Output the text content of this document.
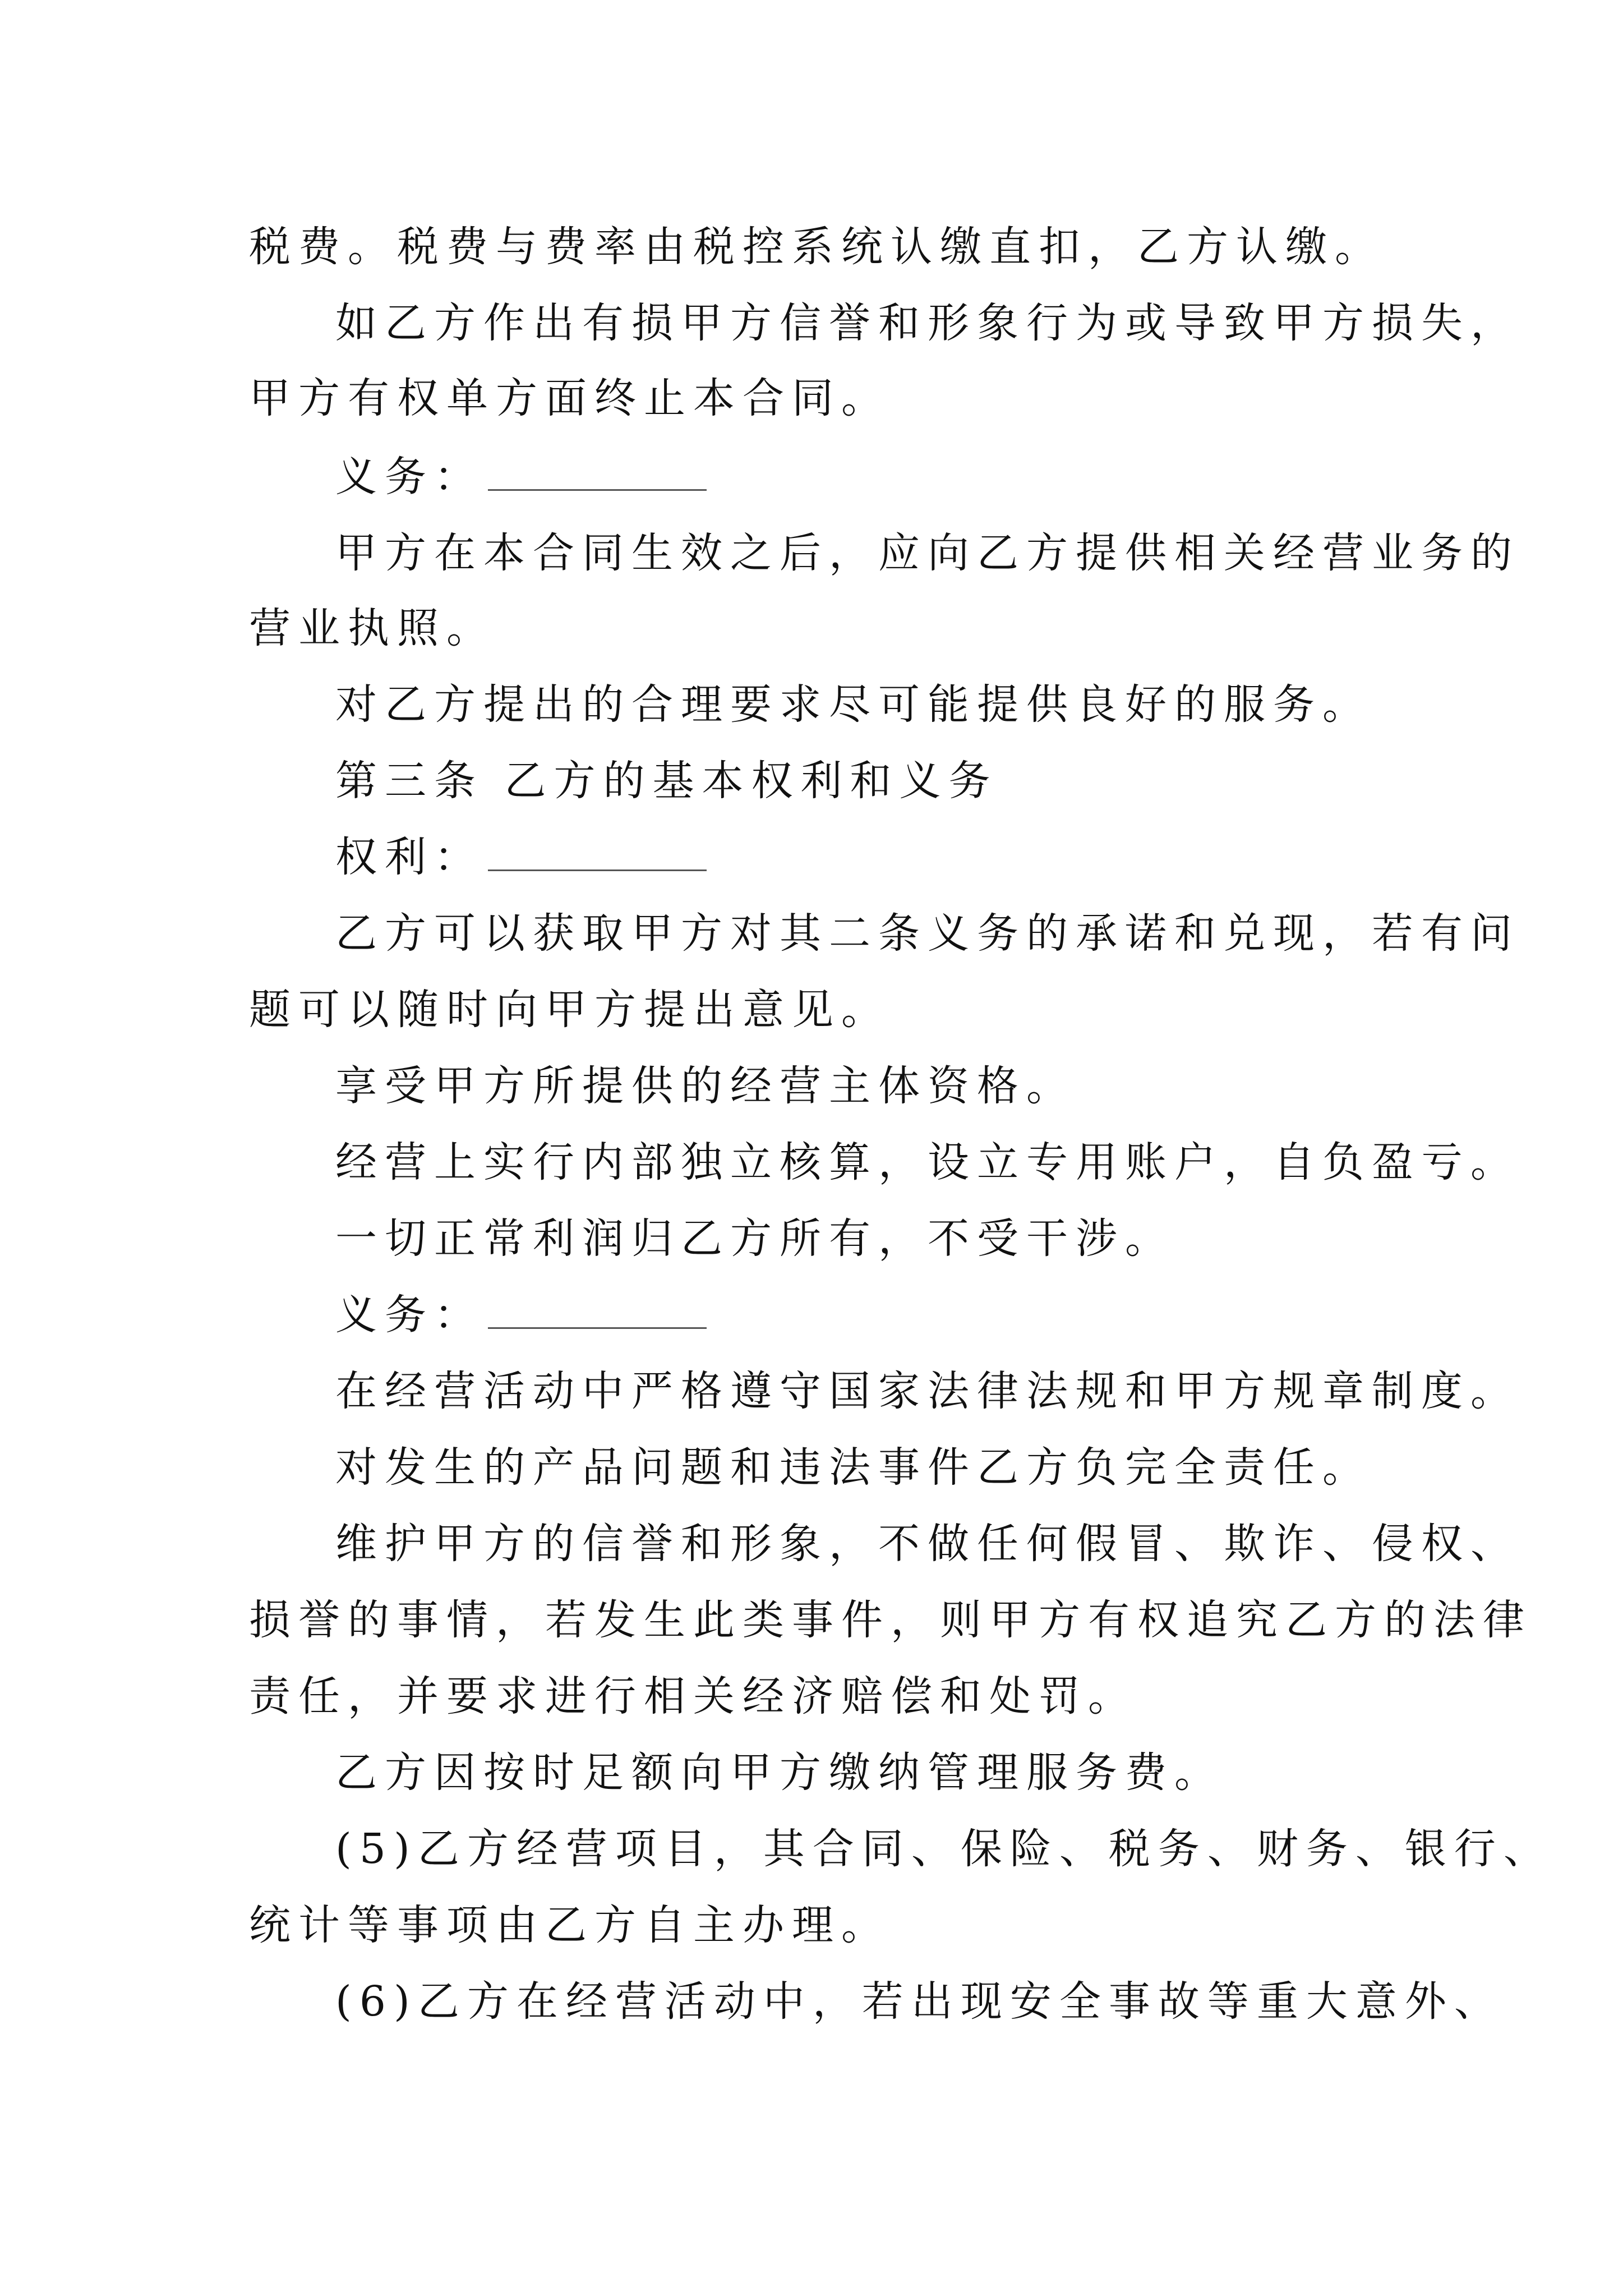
税费。税费与费率由税控系统认缴直扣，乙方认缴。
如乙方作出有损甲方信誉和形象行为或导致甲方损失，
甲方有权单方面终止本合同。
义务：
甲方在本合同生效之后，应向乙方提供相关经营业务的
营业执照。
对乙方提出的合理要求尽可能提供良好的服务。
第三条 乙方的基本权利和义务
权利：
乙方可以获取甲方对其二条义务的承诺和兑现，若有问
题可以随时向甲方提出意见。
享受甲方所提供的经营主体资格。
经营上实行内部独立核算，设立专用账户，自负盈亏。
一切正常利润归乙方所有，不受干涉。
义务：
在经营活动中严格遵守国家法律法规和甲方规章制度。
对发生的产品问题和违法事件乙方负完全责任。
维护甲方的信誉和形象，不做任何假冒、欺诈、侵权、
损誉的事情，若发生此类事件，则甲方有权追究乙方的法律
责任，并要求进行相关经济赔偿和处罚。
乙方因按时足额向甲方缴纳管理服务费。
(5)乙方经营项目，其合同、保险、税务、财务、银行、
统计等事项由乙方自主办理。
(6)乙方在经营活动中，若出现安全事故等重大意外、
